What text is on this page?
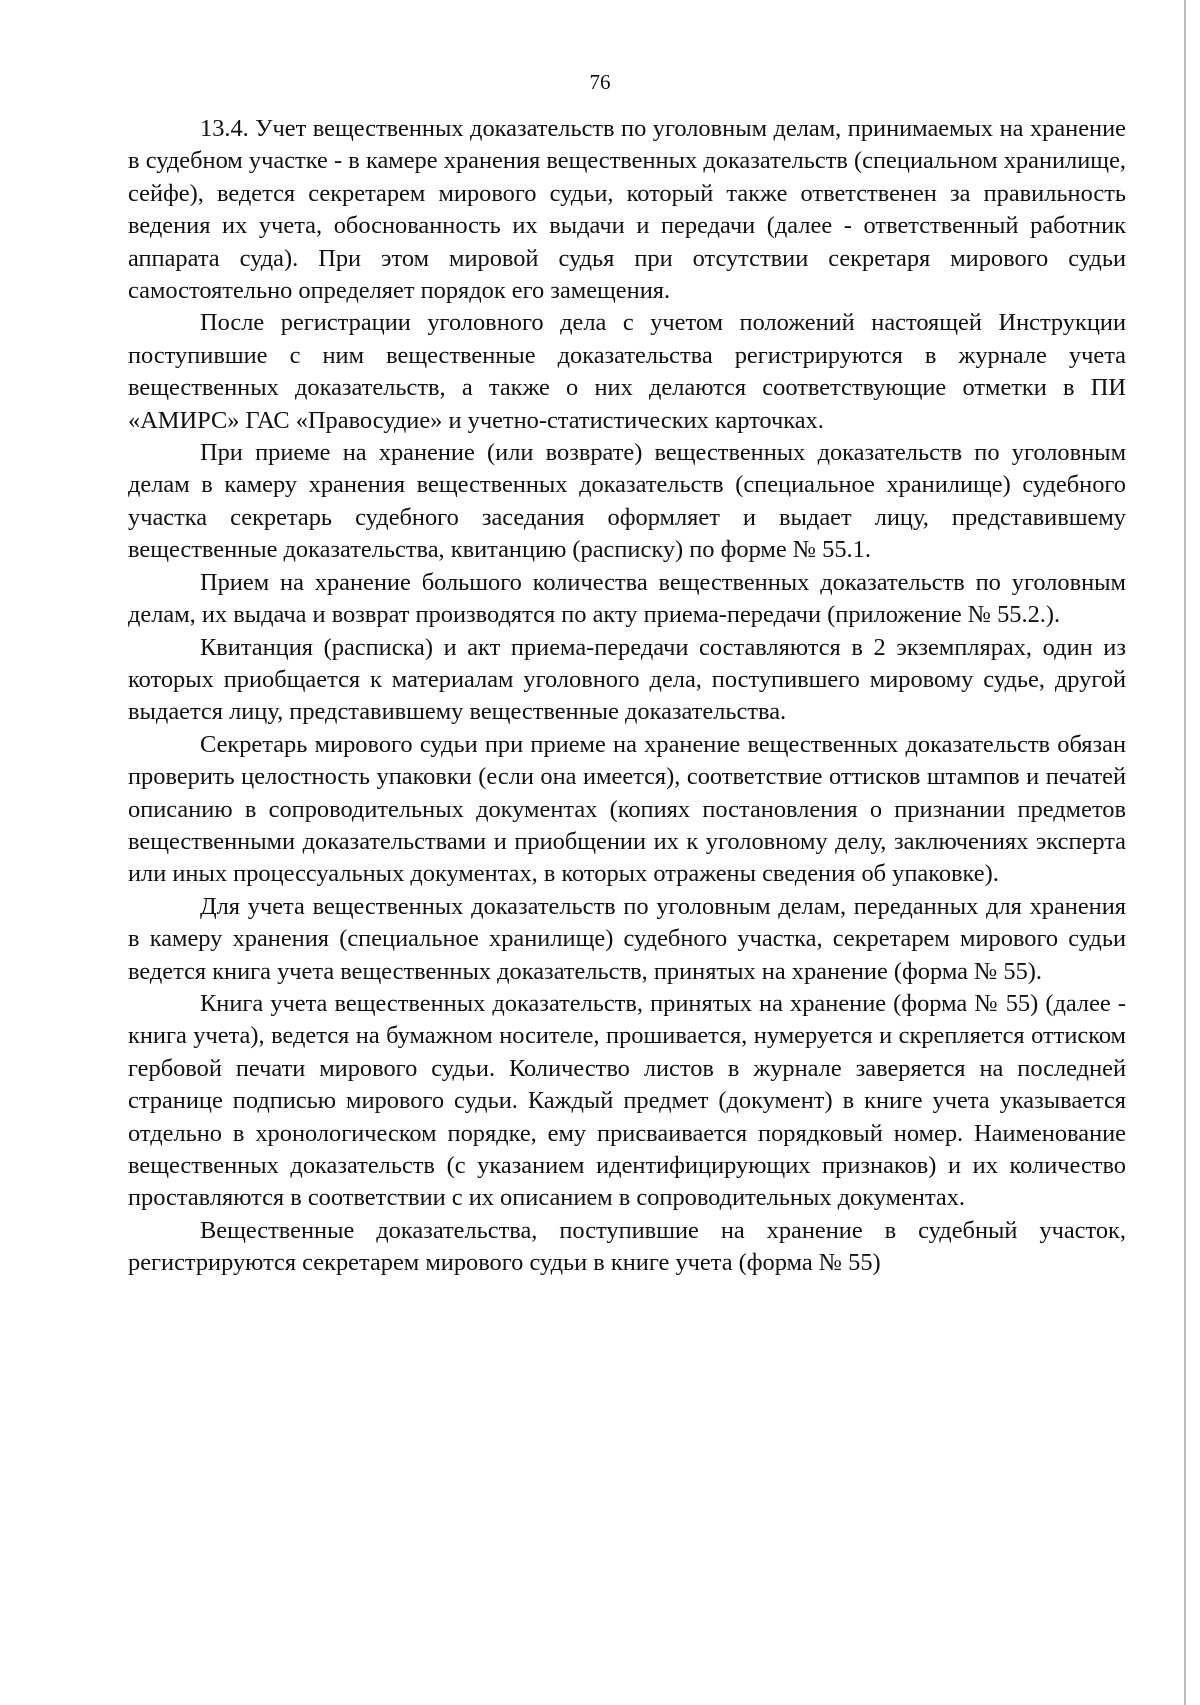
76

13.4. Учет вещественных доказательств по уголовным делам, принимаемых на хранение в судебном участке - в камере хранения вещественных доказательств (специальном хранилище, сейфе), ведется секретарем мирового судьи, который также ответственен за правильность ведения их учета, обоснованность их выдачи и передачи (далее - ответственный работник аппарата суда). При этом мировой судья при отсутствии секретаря мирового судьи самостоятельно определяет порядок его замещения.

После регистрации уголовного дела с учетом положений настоящей Инструкции поступившие с ним вещественные доказательства регистрируются в журнале учета вещественных доказательств, а также о них делаются соответствующие отметки в ПИ «АМИРС» ГАС «Правосудие» и учетно-статистических карточках.

При приеме на хранение (или возврате) вещественных доказательств по уголовным делам в камеру хранения вещественных доказательств (специальное хранилище) судебного участка секретарь судебного заседания оформляет и выдает лицу, представившему вещественные доказательства, квитанцию (расписку) по форме № 55.1.

Прием на хранение большого количества вещественных доказательств по уголовным делам, их выдача и возврат производятся по акту приема-передачи (приложение № 55.2.).

Квитанция (расписка) и акт приема-передачи составляются в 2 экземплярах, один из которых приобщается к материалам уголовного дела, поступившего мировому судье, другой выдается лицу, представившему вещественные доказательства.

Секретарь мирового судьи при приеме на хранение вещественных доказательств обязан проверить целостность упаковки (если она имеется), соответствие оттисков штампов и печатей описанию в сопроводительных документах (копиях постановления о признании предметов вещественными доказательствами и приобщении их к уголовному делу, заключениях эксперта или иных процессуальных документах, в которых отражены сведения об упаковке).

Для учета вещественных доказательств по уголовным делам, переданных для хранения в камеру хранения (специальное хранилище) судебного участка, секретарем мирового судьи ведется книга учета вещественных доказательств, принятых на хранение (форма № 55).

Книга учета вещественных доказательств, принятых на хранение (форма № 55) (далее - книга учета), ведется на бумажном носителе, прошивается, нумеруется и скрепляется оттиском гербовой печати мирового судьи. Количество листов в журнале заверяется на последней странице подписью мирового судьи. Каждый предмет (документ) в книге учета указывается отдельно в хронологическом порядке, ему присваивается порядковый номер. Наименование вещественных доказательств (с указанием идентифицирующих признаков) и их количество проставляются в соответствии с их описанием в сопроводительных документах.

Вещественные доказательства, поступившие на хранение в судебный участок, регистрируются секретарем мирового судьи в книге учета (форма № 55)
